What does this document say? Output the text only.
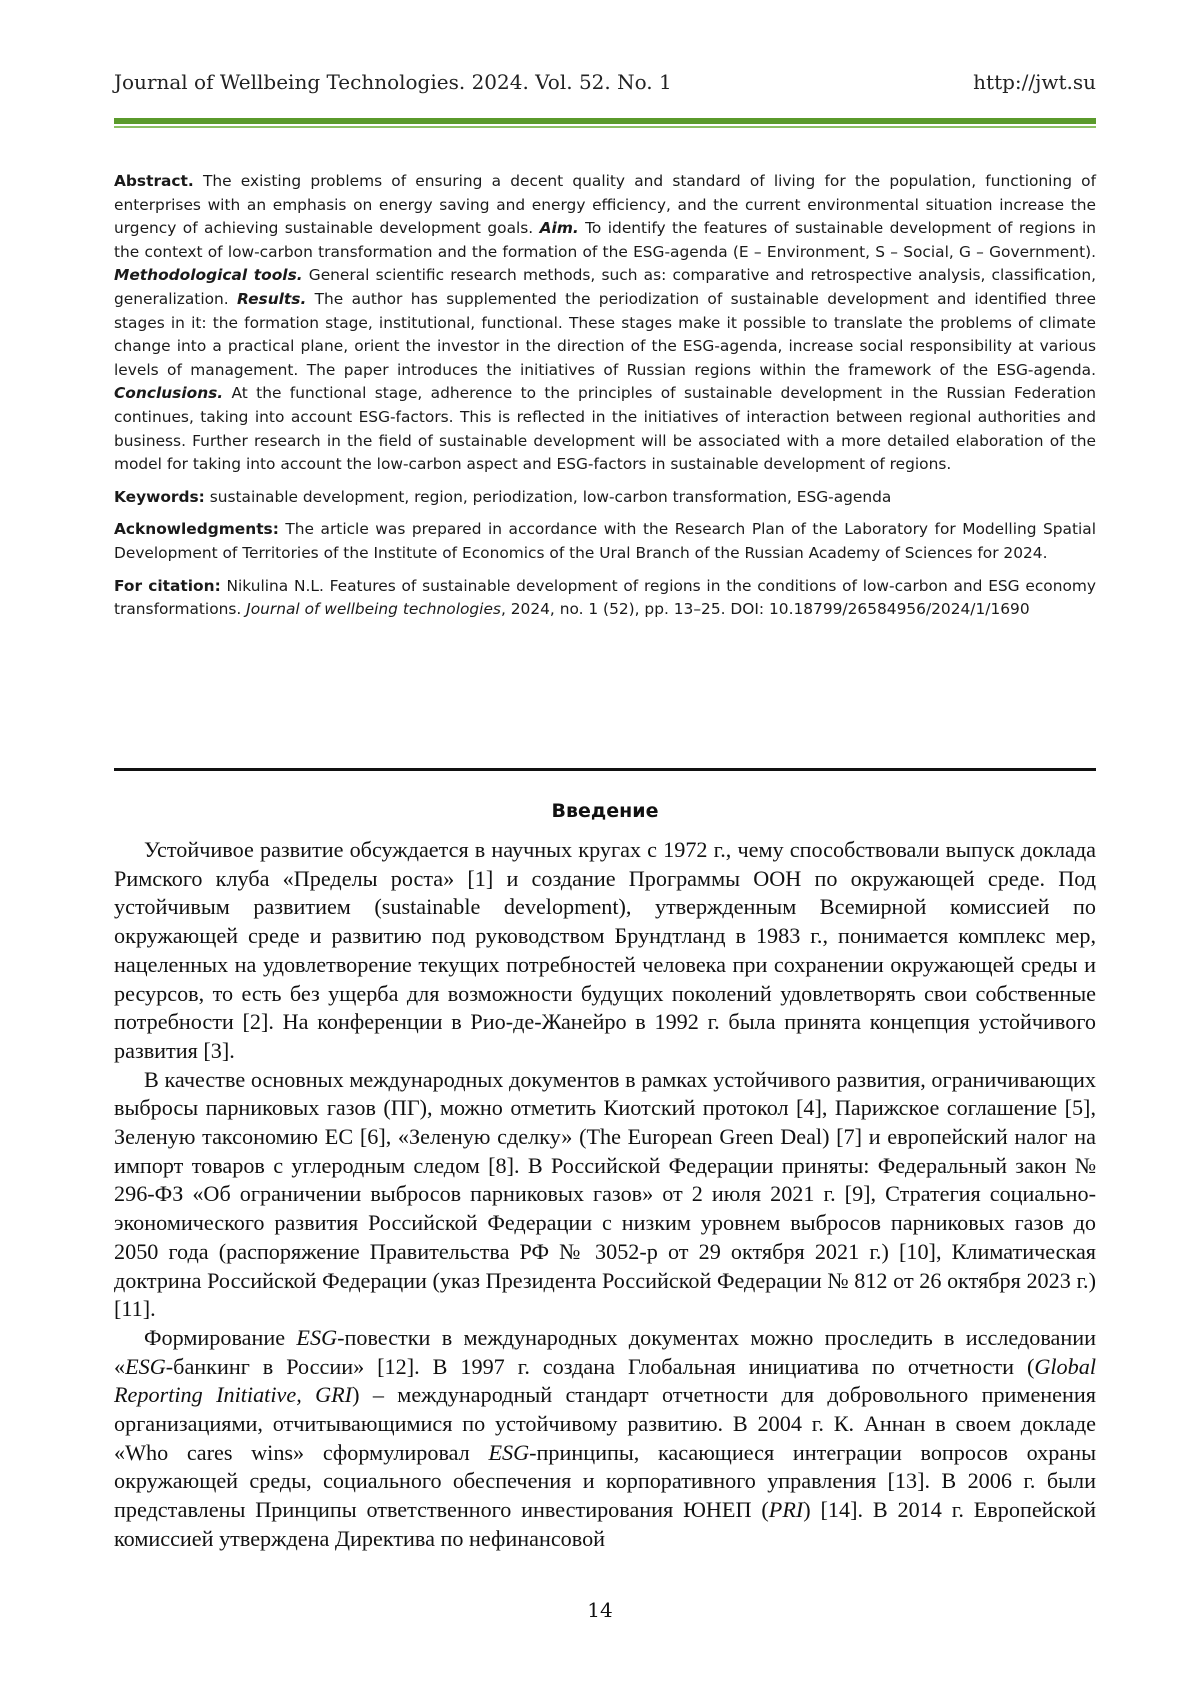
Journal of Wellbeing Technologies. 2024. Vol. 52. No. 1	http://jwt.su

Abstract. The existing problems of ensuring a decent quality and standard of living for the population, functioning of enterprises with an emphasis on energy saving and energy efficiency, and the current environmental situation increase the urgency of achieving sustainable development goals. Aim. To identify the features of sustainable development of regions in the context of low-carbon transformation and the formation of the ESG-agenda (E – Environment, S – Social, G – Government). Methodological tools. General scientific research methods, such as: comparative and retrospective analysis, classification, generalization. Results. The author has supplemented the periodization of sustainable development and identified three stages in it: the formation stage, institutional, functional. These stages make it possible to translate the problems of climate change into a practical plane, orient the investor in the direction of the ESG-agenda, increase social responsibility at various levels of management. The paper introduces the initiatives of Russian regions within the framework of the ESG-agenda. Conclusions. At the functional stage, adherence to the principles of sustainable development in the Russian Federation continues, taking into account ESG-factors. This is reflected in the initiatives of interaction between regional authorities and business. Further research in the field of sustainable development will be associated with a more detailed elaboration of the model for taking into account the low-carbon aspect and ESG-factors in sustainable development of regions.

Keywords: sustainable development, region, periodization, low-carbon transformation, ESG-agenda

Acknowledgments: The article was prepared in accordance with the Research Plan of the Laboratory for Modelling Spatial Development of Territories of the Institute of Economics of the Ural Branch of the Russian Academy of Sciences for 2024.

For citation: Nikulina N.L. Features of sustainable development of regions in the conditions of low-carbon and ESG economy transformations. Journal of wellbeing technologies, 2024, no. 1 (52), pp. 13–25. DOI: 10.18799/26584956/2024/1/1690

Введение

Устойчивое развитие обсуждается в научных кругах с 1972 г., чему способствовали выпуск доклада Римского клуба «Пределы роста» [1] и создание Программы ООН по окружающей среде. Под устойчивым развитием (sustainable development), утвержденным Всемирной комиссией по окружающей среде и развитию под руководством Брундтланд в 1983 г., понимается комплекс мер, нацеленных на удовлетворение текущих потребностей человека при сохранении окружающей среды и ресурсов, то есть без ущерба для возможности будущих поколений удовлетворять свои собственные потребности [2]. На конференции в Рио-де-Жанейро в 1992 г. была принята концепция устойчивого развития [3].

В качестве основных международных документов в рамках устойчивого развития, ограничивающих выбросы парниковых газов (ПГ), можно отметить Киотский протокол [4], Парижское соглашение [5], Зеленую таксономию ЕС [6], «Зеленую сделку» (The European Green Deal) [7] и европейский налог на импорт товаров с углеродным следом [8]. В Российской Федерации приняты: Федеральный закон № 296-ФЗ «Об ограничении выбросов парниковых газов» от 2 июля 2021 г. [9], Стратегия социально-экономического развития Российской Федерации с низким уровнем выбросов парниковых газов до 2050 года (распоряжение Правительства РФ № 3052-р от 29 октября 2021 г.) [10], Климатическая доктрина Российской Федерации (указ Президента Российской Федерации № 812 от 26 октября 2023 г.) [11].

Формирование ESG-повестки в международных документах можно проследить в исследовании «ESG-банкинг в России» [12]. В 1997 г. создана Глобальная инициатива по отчетности (Global Reporting Initiative, GRI) – международный стандарт отчетности для добровольного применения организациями, отчитывающимися по устойчивому развитию. В 2004 г. К. Аннан в своем докладе «Who cares wins» сформулировал ESG-принципы, касающиеся интеграции вопросов охраны окружающей среды, социального обеспечения и корпоративного управления [13]. В 2006 г. были представлены Принципы ответственного инвестирования ЮНЕП (PRI) [14]. В 2014 г. Европейской комиссией утверждена Директива по нефинансовой

14
